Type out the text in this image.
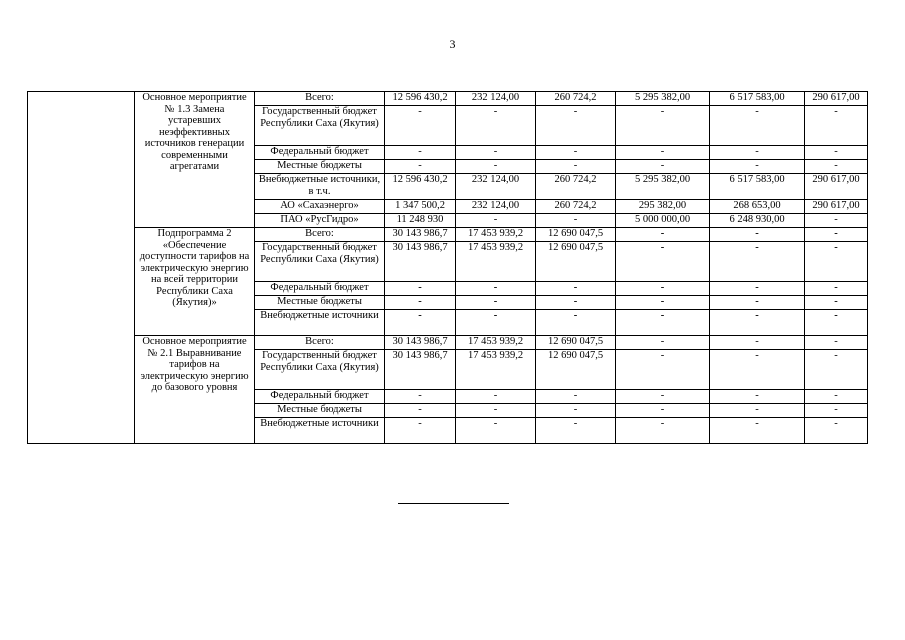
3
	Основное мероприятие № 1.3 Замена устаревших неэффективных источников генерации современными агрегатами	Всего:	12 596 430,2	232 124,00	260 724,2	5 295 382,00	6 517 583,00	290 617,00
		Государственный бюджет Республики Саха (Якутия)	-	-	-	-	-	-
		Федеральный бюджет	-	-	-	-	-	-
		Местные бюджеты	-	-	-	-	-	-
		Внебюджетные источники, в т.ч.	12 596 430,2	232 124,00	260 724,2	5 295 382,00	6 517 583,00	290 617,00
		АО «Сахаэнерго»	1 347 500,2	232 124,00	260 724,2	295 382,00	268 653,00	290 617,00
		ПАО «РусГидро»	11 248 930	-	-	5 000 000,00	6 248 930,00	-
	Подпрограмма 2 «Обеспечение доступности тарифов на электрическую энергию на всей территории Республики Саха (Якутия)»	Всего:	30 143 986,7	17 453 939,2	12 690 047,5	-	-	-
		Государственный бюджет Республики Саха (Якутия)	30 143 986,7	17 453 939,2	12 690 047,5	-	-	-
		Федеральный бюджет	-	-	-	-	-	-
		Местные бюджеты	-	-	-	-	-	-
		Внебюджетные источники	-	-	-	-	-	-
	Основное мероприятие № 2.1 Выравнивание тарифов на электрическую энергию до базового уровня	Всего:	30 143 986,7	17 453 939,2	12 690 047,5	-	-	-
		Государственный бюджет Республики Саха (Якутия)	30 143 986,7	17 453 939,2	12 690 047,5	-	-	-
		Федеральный бюджет	-	-	-	-	-	-
		Местные бюджеты	-	-	-	-	-	-
		Внебюджетные источники	-	-	-	-	-	-
